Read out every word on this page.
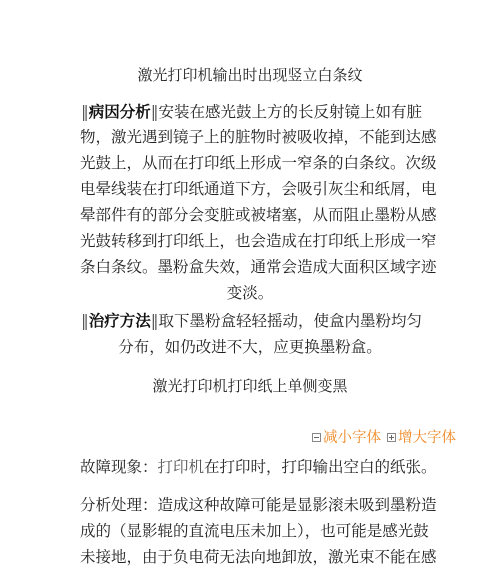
激光打印机输出时出现竖立白条纹
‖病因分析‖安装在感光鼓上方的长反射镜上如有脏
物，激光遇到镜子上的脏物时被吸收掉，不能到达感
光鼓上，从而在打印纸上形成一窄条的白条纹。次级
电晕线装在打印纸通道下方，会吸引灰尘和纸屑，电
晕部件有的部分会变脏或被堵塞，从而阻止墨粉从感
光鼓转移到打印纸上，也会造成在打印纸上形成一窄
条白条纹。墨粉盒失效，通常会造成大面积区域字迹
变淡。
‖治疗方法‖取下墨粉盒轻轻摇动，使盒内墨粉均匀
分布，如仍改进不大，应更换墨粉盒。
激光打印机打印纸上单侧变黑
减小字体 增大字体
故障现象：打印机在打印时，打印输出空白的纸张。
分析处理：造成这种故障可能是显影滚未吸到墨粉造
成的（显影辊的直流电压未加上），也可能是感光鼓
未接地，由于负电荷无法向地卸放，激光束不能在感
